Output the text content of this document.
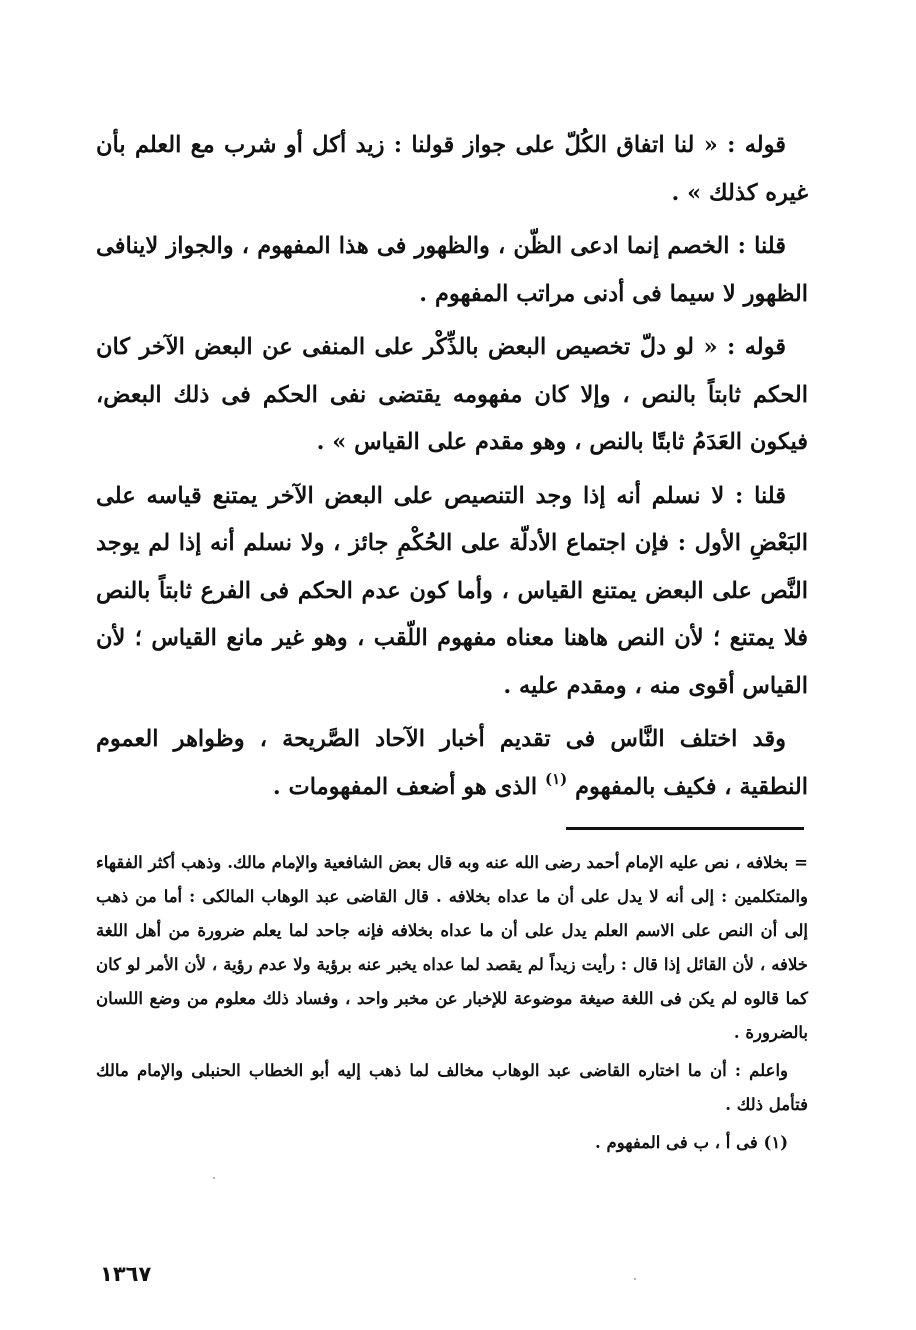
قوله : « لنا اتفاق الكُلّ على جواز قولنا : زيد أكل أو شرب مع العلم بأن غيره كذلك » .

قلنا : الخصم إنما ادعى الظّن ، والظهور فى هذا المفهوم ، والجواز لاينافى الظهور لا سيما فى أدنى مراتب المفهوم .

قوله : « لو دلّ تخصيص البعض بالذِّكْر على المنفى عن البعض الآخر كان الحكم ثابتاً بالنص ، وإلا كان مفهومه يقتضى نفى الحكم فى ذلك البعض، فيكون العَدَمُ ثابتًا بالنص ، وهو مقدم على القياس » .

قلنا : لا نسلم أنه إذا وجد التنصيص على البعض الآخر يمتنع قياسه على البَعْضِ الأول : فإن اجتماع الأدلّة على الحُكْمِ جائز ، ولا نسلم أنه إذا لم يوجد النَّص على البعض يمتنع القياس ، وأما كون عدم الحكم فى الفرع ثابتاً بالنص فلا يمتنع ؛ لأن النص هاهنا معناه مفهوم اللّقب ، وهو غير مانع القياس ؛ لأن القياس أقوى منه ، ومقدم عليه .

وقد اختلف النَّاس فى تقديم أخبار الآحاد الصَّريحة ، وظواهر العموم النطقية ، فكيف بالمفهوم $^{(١)}$ الذى هو أضعف المفهومات .

= بخلافه ، نص عليه الإمام أحمد رضى الله عنه وبه قال بعض الشافعية والإمام مالك. وذهب أكثر الفقهاء والمتكلمين : إلى أنه لا يدل على أن ما عداه بخلافه . قال القاضى عبد الوهاب المالكى : أما من ذهب إلى أن النص على الاسم العلم يدل على أن ما عداه بخلافه فإنه جاحد لما يعلم ضرورة من أهل اللغة خلافه ، لأن القائل إذا قال : رأيت زيداً لم يقصد لما عداه يخبر عنه برؤية ولا عدم رؤية ، لأن الأمر لو كان كما قالوه لم يكن فى اللغة صيغة موضوعة للإخبار عن مخبر واحد ، وفساد ذلك معلوم من وضع اللسان بالضرورة .

واعلم : أن ما اختاره القاضى عبد الوهاب مخالف لما ذهب إليه أبو الخطاب الحنبلى والإمام مالك فتأمل ذلك .

(١) فى أ ، ب فى المفهوم .

١٣٦٧
